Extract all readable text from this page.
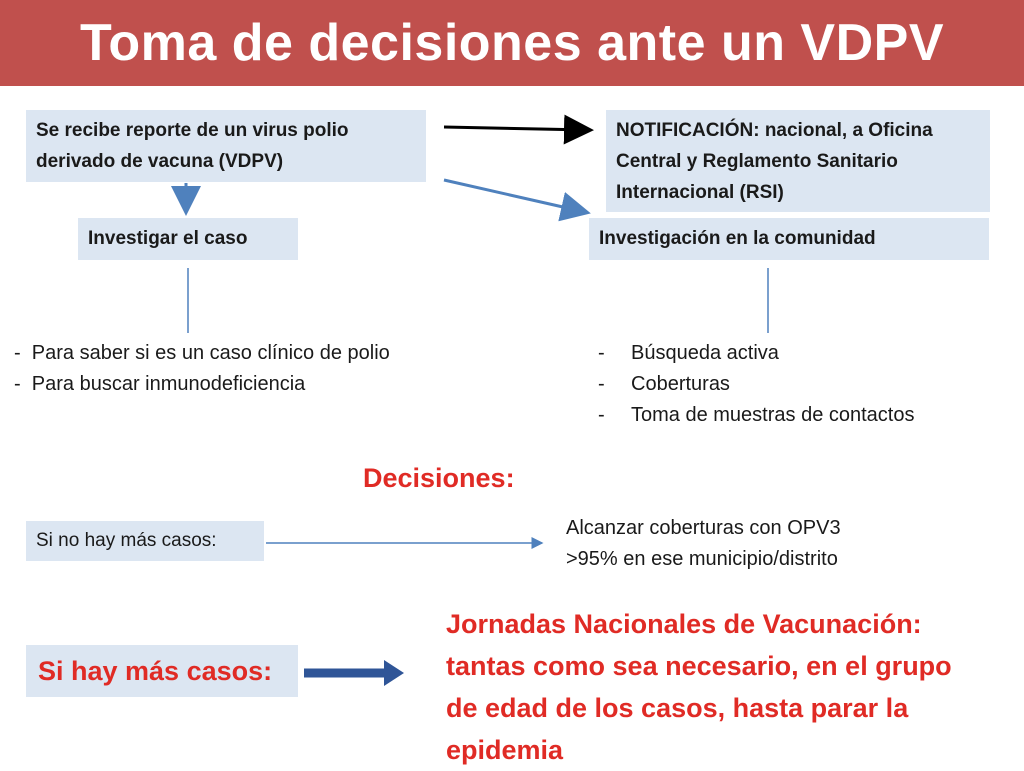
Toma de decisiones ante un VDPV
Se recibe reporte de un virus polio derivado de vacuna (VDPV)
NOTIFICACIÓN: nacional, a Oficina Central y Reglamento Sanitario Internacional (RSI)
Investigar el caso	Investigación en la comunidad
-  Para saber si es un caso clínico de polio
-  Para buscar inmunodeficiencia
- Búsqueda activa
- Coberturas
- Toma de muestras de contactos
Decisiones:
Si no hay más casos:
Alcanzar coberturas con OPV3
>95% en ese municipio/distrito
Si hay más casos:
Jornadas Nacionales de Vacunación:
tantas como sea necesario, en el grupo
de edad de los casos, hasta parar la
epidemia
